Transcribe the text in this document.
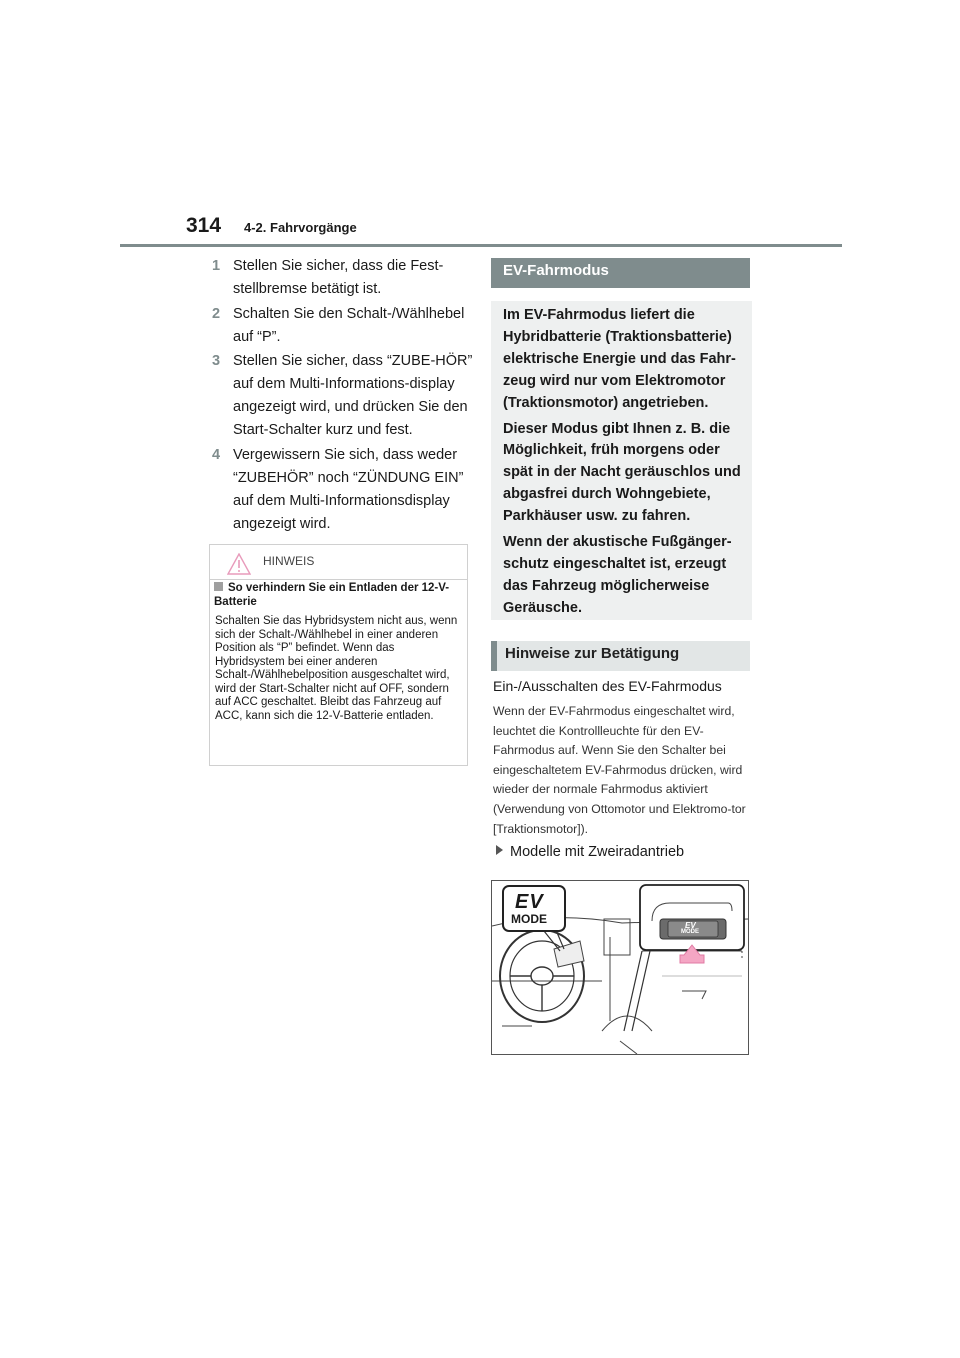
314 4-2. Fahrvorgänge
1 Stellen Sie sicher, dass die Fest-stellbremse betätigt ist.
2 Schalten Sie den Schalt-/Wählhebel auf “P”.
3 Stellen Sie sicher, dass “ZUBE-HÖR” auf dem Multi-Informations-display angezeigt wird, und drücken Sie den Start-Schalter kurz und fest.
4 Vergewissern Sie sich, dass weder “ZUBEHÖR” noch “ZÜNDUNG EIN” auf dem Multi-Informationsdisplay angezeigt wird.
HINWEIS
So verhindern Sie ein Entladen der 12-V-Batterie
Schalten Sie das Hybridsystem nicht aus, wenn sich der Schalt-/Wählhebel in einer anderen Position als “P” befindet. Wenn das Hybridsystem bei einer anderen Schalt-/Wählhebelposition ausgeschaltet wird, wird der Start-Schalter nicht auf OFF, sondern auf ACC geschaltet. Bleibt das Fahrzeug auf ACC, kann sich die 12-V-Batterie entladen.
EV-Fahrmodus
Im EV-Fahrmodus liefert die Hybridbatterie (Traktionsbatterie) elektrische Energie und das Fahr-zeug wird nur vom Elektromotor (Traktionsmotor) angetrieben.
Dieser Modus gibt Ihnen z. B. die Möglichkeit, früh morgens oder spät in der Nacht geräuschlos und abgasfrei durch Wohngebiete, Parkhäuser usw. zu fahren.
Wenn der akustische Fußgänger-schutz eingeschaltet ist, erzeugt das Fahrzeug möglicherweise Geräusche.
Hinweise zur Betätigung
Ein-/Ausschalten des EV-Fahrmodus
Wenn der EV-Fahrmodus eingeschaltet wird, leuchtet die Kontrollleuchte für den EV-Fahrmodus auf. Wenn Sie den Schalter bei eingeschaltetem EV-Fahrmodus drücken, wird wieder der normale Fahrmodus aktiviert (Verwendung von Ottomotor und Elektromo-tor [Traktionsmotor]).
Modelle mit Zweiradantrieb
EV
MODE	EV
MODE
